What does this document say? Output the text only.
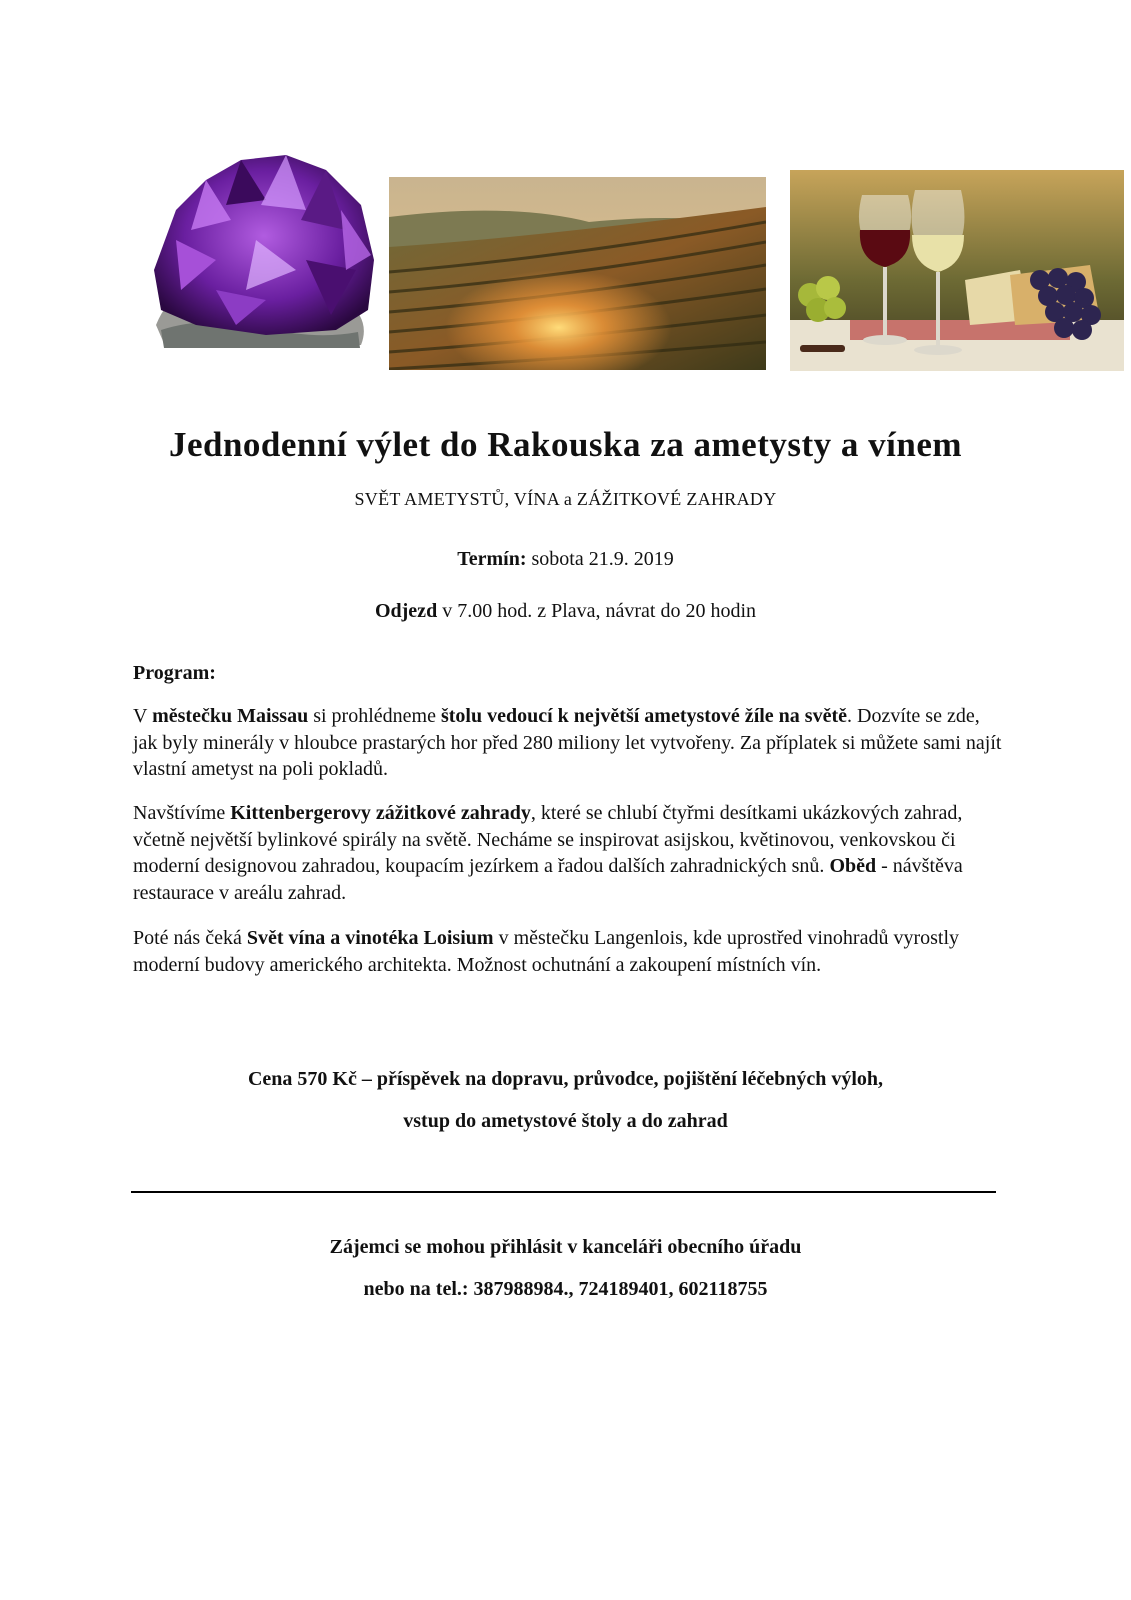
Jednodenní výlet do Rakouska za ametysty a vínem
SVĚT AMETYSTŮ, VÍNA a ZÁŽITKOVÉ ZAHRADY
Termín: sobota 21.9. 2019
Odjezd v 7.00 hod. z Plava, návrat do 20 hodin
Program:
V městečku Maissau si prohlédneme štolu vedoucí k největší ametystové žíle na světě. Dozvíte se zde, jak byly minerály v hloubce prastarých hor před 280 miliony let vytvořeny. Za příplatek si můžete sami najít vlastní ametyst na poli pokladů.
Navštívíme Kittenbergerovy zážitkové zahrady, které se chlubí čtyřmi desítkami ukázkových zahrad, včetně největší bylinkové spirály na světě. Necháme se inspirovat asijskou, květinovou, venkovskou či moderní designovou zahradou, koupacím jezírkem a řadou dalších zahradnických snů. Oběd - návštěva restaurace v areálu zahrad.
Poté nás čeká Svět vína a vinotéka Loisium v městečku Langenlois, kde uprostřed vinohradů vyrostly moderní budovy amerického architekta. Možnost ochutnání a zakoupení místních vín.
Cena 570 Kč – příspěvek na dopravu, průvodce, pojištění léčebných výloh,
vstup do ametystové štoly a do zahrad
Zájemci se mohou přihlásit v kanceláři obecního úřadu
nebo na tel.: 387988984., 724189401, 602118755
